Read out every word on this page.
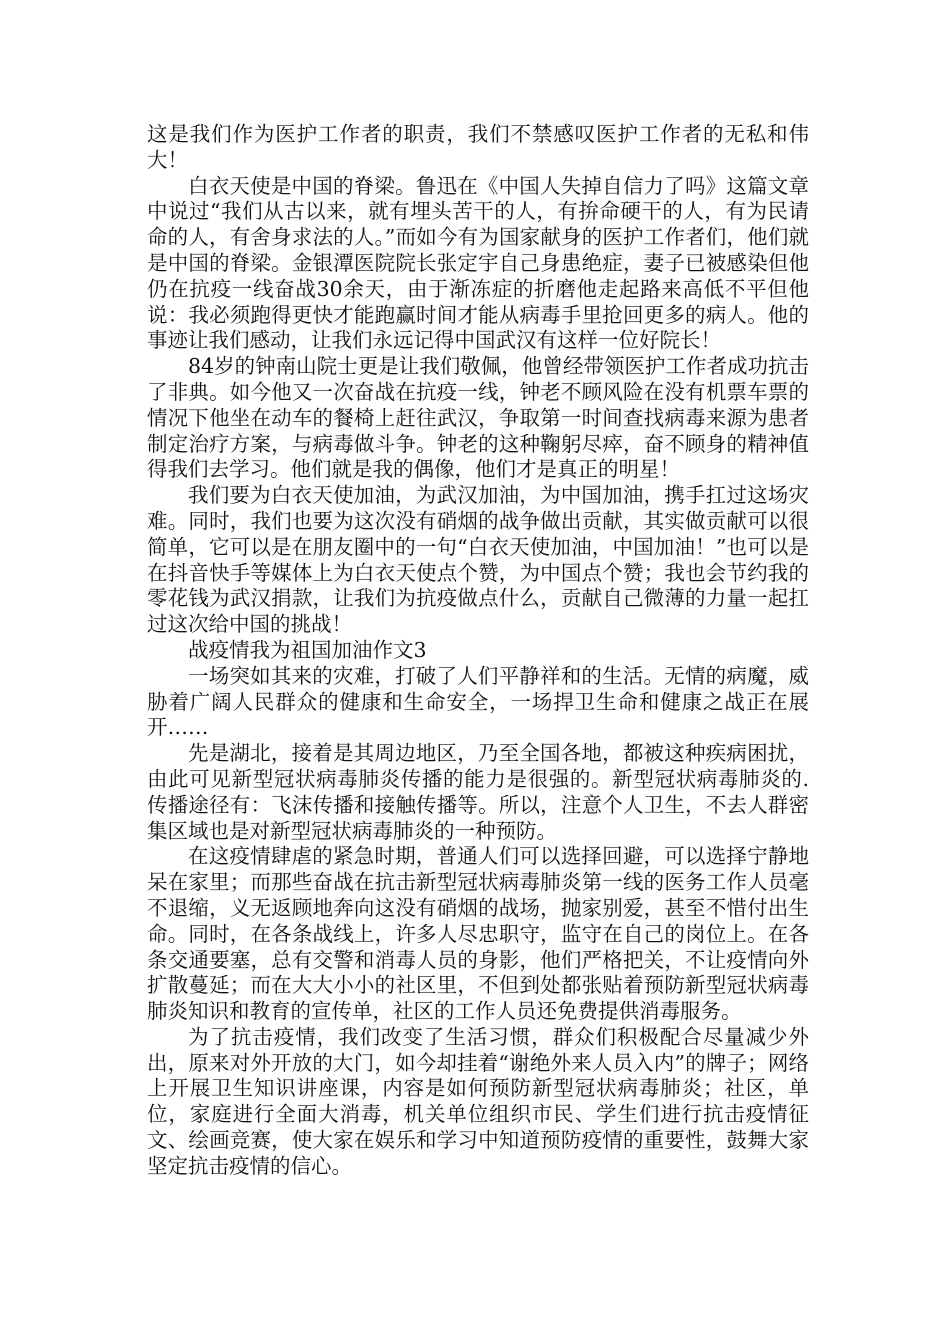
这是我们作为医护工作者的职责，我们不禁感叹医护工作者的无私和伟大！

白衣天使是中国的脊梁。鲁迅在《中国人失掉自信力了吗》这篇文章中说过“我们从古以来，就有埋头苦干的人，有拚命硬干的人，有为民请命的人，有舍身求法的人。”而如今有为国家献身的医护工作者们，他们就是中国的脊梁。金银潭医院院长张定宇自己身患绝症，妻子已被感染但他仍在抗疫一线奋战30余天，由于渐冻症的折磨他走起路来高低不平但他说：我必须跑得更快才能跑赢时间才能从病毒手里抢回更多的病人。他的事迹让我们感动，让我们永远记得中国武汉有这样一位好院长！

84岁的钟南山院士更是让我们敬佩，他曾经带领医护工作者成功抗击了非典。如今他又一次奋战在抗疫一线，钟老不顾风险在没有机票车票的情况下他坐在动车的餐椅上赶往武汉，争取第一时间查找病毒来源为患者制定治疗方案，与病毒做斗争。钟老的这种鞠躬尽瘁，奋不顾身的精神值得我们去学习。他们就是我的偶像，他们才是真正的明星！

我们要为白衣天使加油，为武汉加油，为中国加油，携手扛过这场灾难。同时，我们也要为这次没有硝烟的战争做出贡献，其实做贡献可以很简单，它可以是在朋友圈中的一句“白衣天使加油，中国加油！”也可以是在抖音快手等媒体上为白衣天使点个赞，为中国点个赞；我也会节约我的零花钱为武汉捐款，让我们为抗疫做点什么，贡献自己微薄的力量一起扛过这次给中国的挑战！

战疫情我为祖国加油作文3

一场突如其来的灾难，打破了人们平静祥和的生活。无情的病魔，威胁着广阔人民群众的健康和生命安全，一场捍卫生命和健康之战正在展开……

先是湖北，接着是其周边地区，乃至全国各地，都被这种疾病困扰，由此可见新型冠状病毒肺炎传播的能力是很强的。新型冠状病毒肺炎的.传播途径有：飞沫传播和接触传播等。所以，注意个人卫生，不去人群密集区域也是对新型冠状病毒肺炎的一种预防。

在这疫情肆虐的紧急时期，普通人们可以选择回避，可以选择宁静地呆在家里；而那些奋战在抗击新型冠状病毒肺炎第一线的医务工作人员毫不退缩，义无返顾地奔向这没有硝烟的战场，抛家别爱，甚至不惜付出生命。同时，在各条战线上，许多人尽忠职守，监守在自己的岗位上。在各条交通要塞，总有交警和消毒人员的身影，他们严格把关，不让疫情向外扩散蔓延；而在大大小小的社区里，不但到处都张贴着预防新型冠状病毒肺炎知识和教育的宣传单，社区的工作人员还免费提供消毒服务。

为了抗击疫情，我们改变了生活习惯，群众们积极配合尽量减少外出，原来对外开放的大门，如今却挂着“谢绝外来人员入内”的牌子；网络上开展卫生知识讲座课，内容是如何预防新型冠状病毒肺炎；社区，单位，家庭进行全面大消毒，机关单位组织市民、学生们进行抗击疫情征文、绘画竞赛，使大家在娱乐和学习中知道预防疫情的重要性，鼓舞大家坚定抗击疫情的信心。
